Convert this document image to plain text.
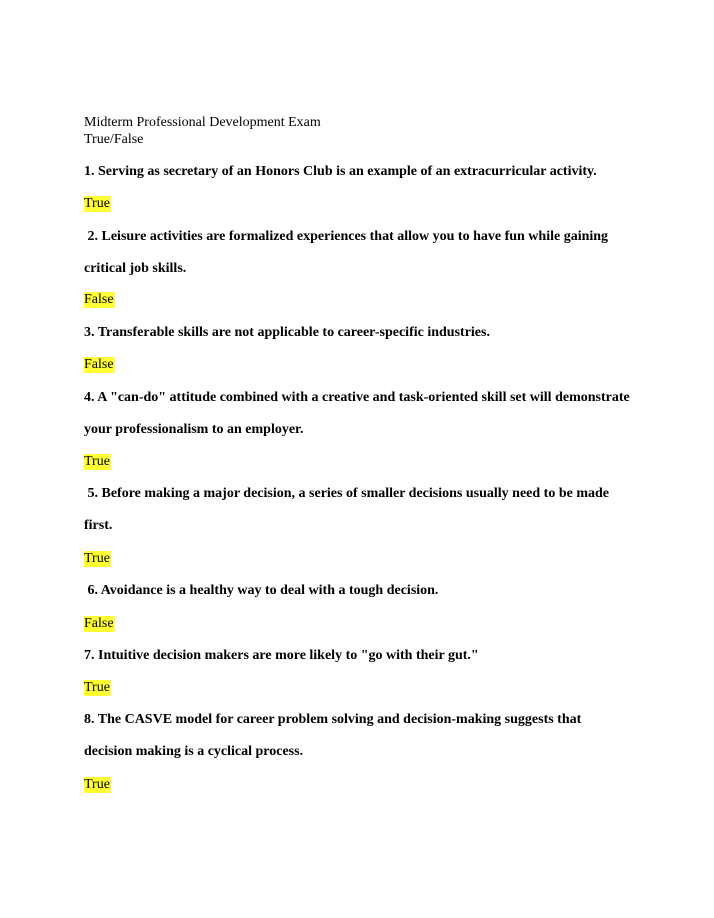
Midterm Professional Development Exam
True/False
1. Serving as secretary of an Honors Club is an example of an extracurricular activity.
True
2. Leisure activities are formalized experiences that allow you to have fun while gaining
critical job skills.
False
3. Transferable skills are not applicable to career-specific industries.
False
4. A "can-do" attitude combined with a creative and task-oriented skill set will demonstrate
your professionalism to an employer.
True
5. Before making a major decision, a series of smaller decisions usually need to be made
first.
True
6. Avoidance is a healthy way to deal with a tough decision.
False
7. Intuitive decision makers are more likely to "go with their gut."
True
8. The CASVE model for career problem solving and decision-making suggests that
decision making is a cyclical process.
True
